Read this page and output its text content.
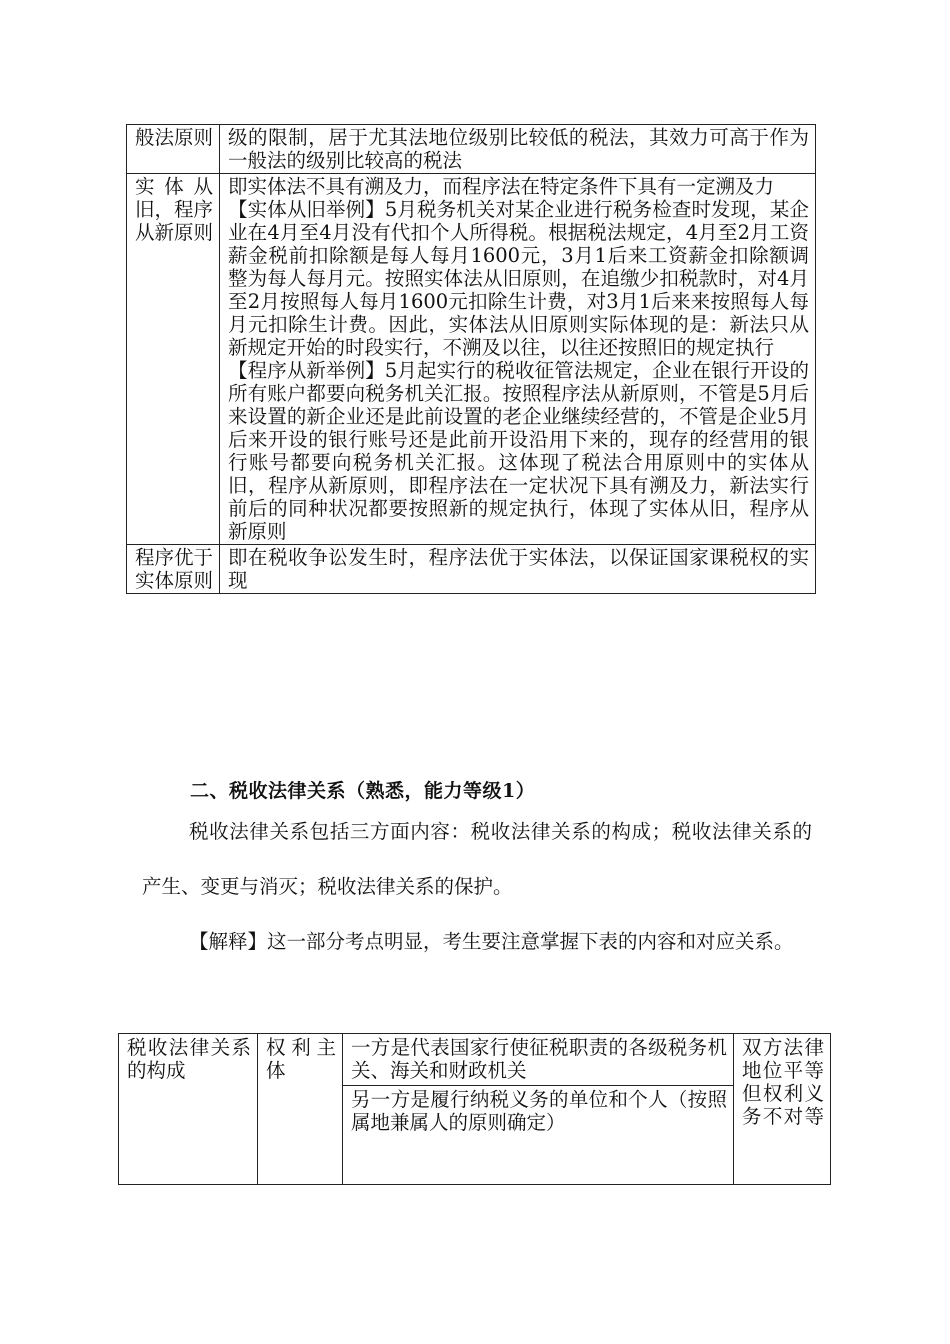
般法原则	级的限制，居于尤其法地位级别比较低的税法，其效力可高于作为一般法的级别比较高的税法

实体从旧，程序从新原则	即实体法不具有溯及力，而程序法在特定条件下具有一定溯及力

【实体从旧举例】5月税务机关对某企业进行税务检查时发现，某企业在4月至4月没有代扣个人所得税。根据税法规定，4月至2月工资薪金税前扣除额是每人每月1600元，3月1后来工资薪金扣除额调整为每人每月元。按照实体法从旧原则，在追缴少扣税款时，对4月至2月按照每人每月1600元扣除生计费，对3月1后来来按照每人每月元扣除生计费。因此，实体法从旧原则实际体现的是：新法只从新规定开始的时段实行，不溯及以往，以往还按照旧的规定执行

【程序从新举例】5月起实行的税收征管法规定，企业在银行开设的所有账户都要向税务机关汇报。按照程序法从新原则，不管是5月后来设置的新企业还是此前设置的老企业继续经营的，不管是企业5月后来开设的银行账号还是此前开设沿用下来的，现存的经营用的银行账号都要向税务机关汇报。这体现了税法合用原则中的实体从旧，程序从新原则，即程序法在一定状况下具有溯及力，新法实行前后的同种状况都要按照新的规定执行，体现了实体从旧，程序从新原则

程序优于实体原则	即在税收争讼发生时，程序法优于实体法，以保证国家课税权的实现

二、税收法律关系（熟悉，能力等级1）

税收法律关系包括三方面内容：税收法律关系的构成；税收法律关系的产生、变更与消灭；税收法律关系的保护。

【解释】这一部分考点明显，考生要注意掌握下表的内容和对应关系。

税收法律关系的构成	权利主体	一方是代表国家行使征税职责的各级税务机关、海关和财政机关	双方法律地位平等但权利义务不对等
另一方是履行纳税义务的单位和个人（按照属地兼属人的原则确定）
